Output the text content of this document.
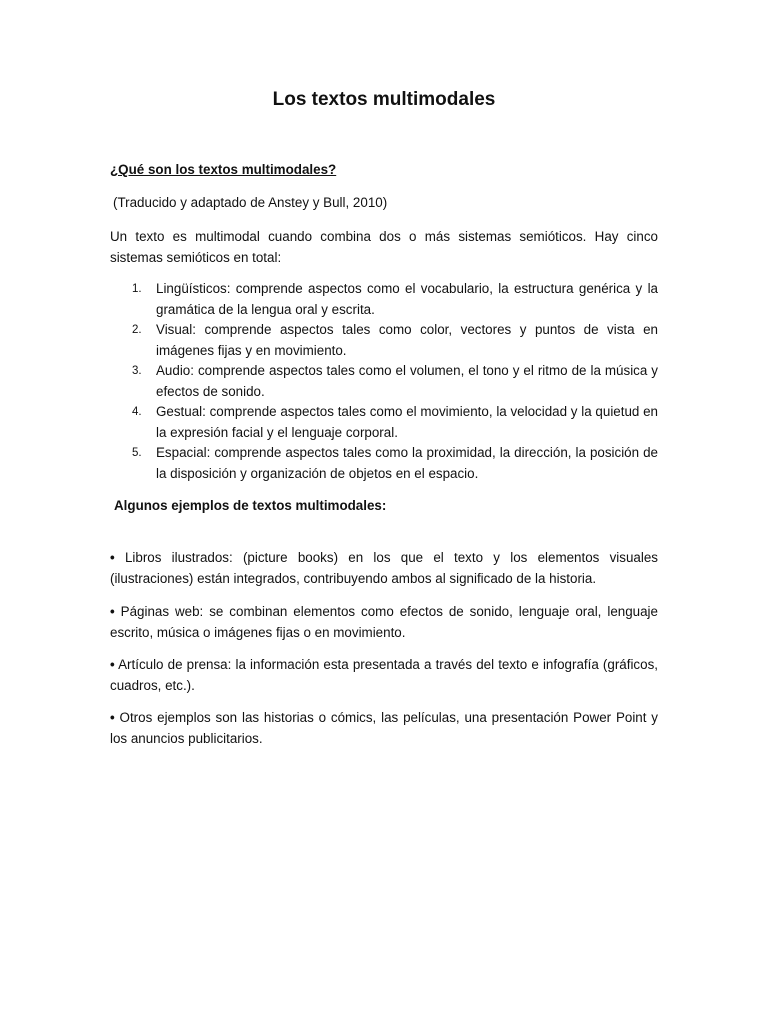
Los textos multimodales
¿Qué son los textos multimodales?
(Traducido y adaptado de Anstey y Bull, 2010)
Un texto es multimodal cuando combina dos o más sistemas semióticos. Hay cinco sistemas semióticos en total:
1.	Lingüísticos: comprende aspectos como el vocabulario, la estructura genérica y la gramática de la lengua oral y escrita.
2.	Visual: comprende aspectos tales como color, vectores y puntos de vista en imágenes fijas y en movimiento.
3.	Audio: comprende aspectos tales como el volumen, el tono y el ritmo de la música y efectos de sonido.
4.	Gestual: comprende aspectos tales como el movimiento, la velocidad y la quietud en la expresión facial y el lenguaje corporal.
5.	Espacial: comprende aspectos tales como la proximidad, la dirección, la posición de la disposición y organización de objetos en el espacio.
Algunos ejemplos de textos multimodales:
• Libros ilustrados: (picture books) en los que el texto y los elementos visuales (ilustraciones) están integrados, contribuyendo ambos al significado de la historia.
• Páginas web: se combinan elementos como efectos de sonido, lenguaje oral, lenguaje escrito, música o imágenes fijas o en movimiento.
• Artículo de prensa: la información esta presentada a través del texto e infografía (gráficos, cuadros, etc.).
• Otros ejemplos son las historias o cómics, las películas, una presentación Power Point y los anuncios publicitarios.
